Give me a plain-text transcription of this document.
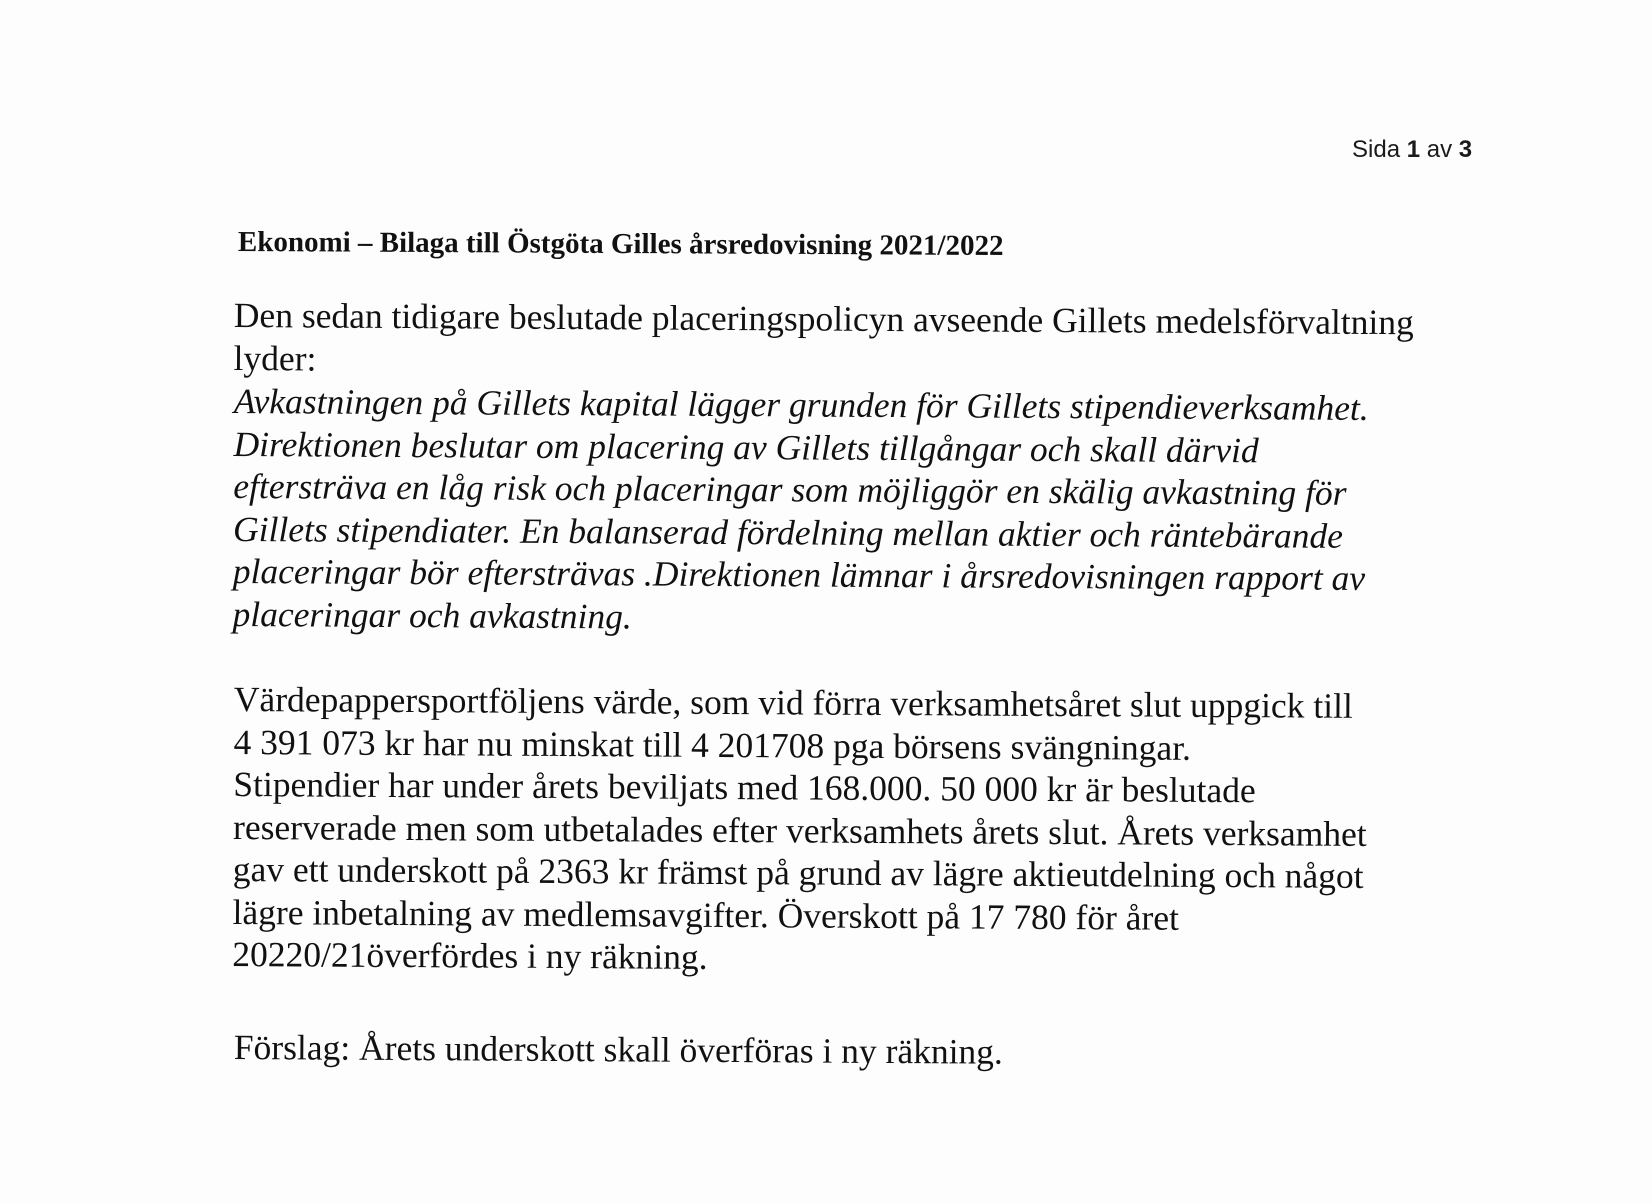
Sida 1 av 3
Ekonomi – Bilaga till Östgöta Gilles årsredovisning 2021/2022
Den sedan tidigare beslutade placeringspolicyn avseende Gillets medelsförvaltning
lyder:
Avkastningen på Gillets kapital lägger grunden för Gillets stipendieverksamhet.
Direktionen beslutar om placering av Gillets tillgångar och skall därvid
eftersträva en låg risk och placeringar som möjliggör en skälig avkastning för
Gillets stipendiater. En balanserad fördelning mellan aktier och räntebärande
placeringar bör eftersträvas .Direktionen lämnar i årsredovisningen rapport av
placeringar och avkastning.
Värdepappersportföljens värde, som vid förra verksamhetsåret slut uppgick till
4 391 073 kr har nu minskat till 4 201708 pga börsens svängningar.
Stipendier har under årets beviljats med 168.000. 50 000 kr är beslutade
reserverade men som utbetalades efter verksamhets årets slut. Årets verksamhet
gav ett underskott på 2363 kr främst på grund av lägre aktieutdelning och något
lägre inbetalning av medlemsavgifter. Överskott på 17 780 för året
20220/21överfördes i ny räkning.
Förslag: Årets underskott skall överföras i ny räkning.
